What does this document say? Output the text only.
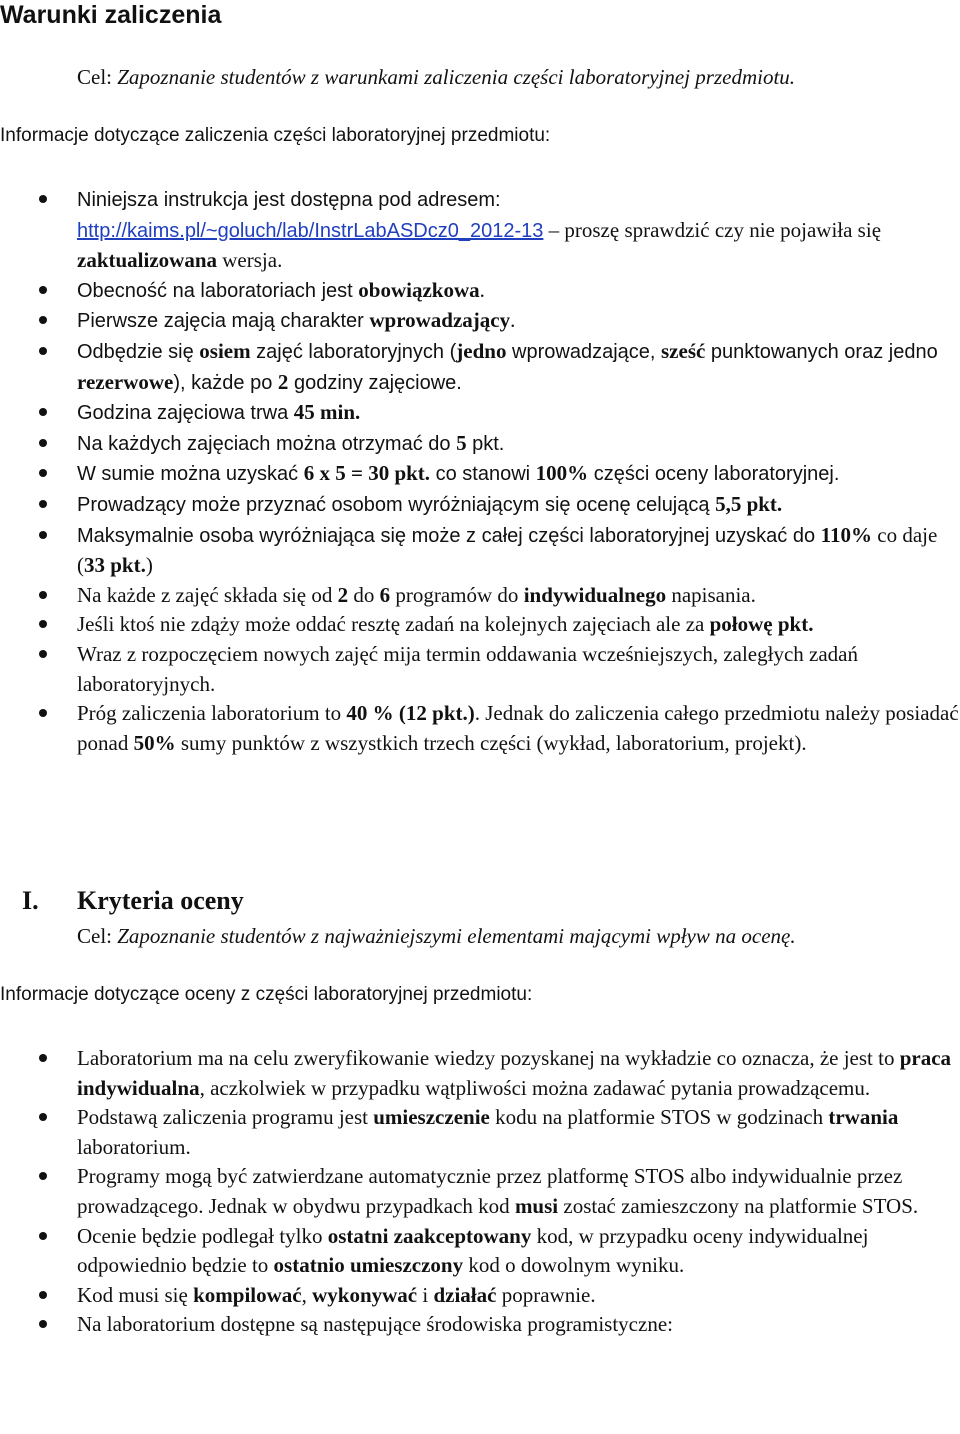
Warunki zaliczenia
Cel: Zapoznanie studentów z warunkami zaliczenia części laboratoryjnej przedmiotu.
Informacje dotyczące zaliczenia części laboratoryjnej przedmiotu:
Niniejsza instrukcja jest dostępna pod adresem:
http://kaims.pl/~goluch/lab/InstrLabASDcz0_2012-13 – proszę sprawdzić czy nie pojawiła się zaktualizowana wersja.
Obecność na laboratoriach jest obowiązkowa.
Pierwsze zajęcia mają charakter wprowadzający.
Odbędzie się osiem zajęć laboratoryjnych (jedno wprowadzające, sześć punktowanych oraz jedno rezerwowe), każde po 2 godziny zajęciowe.
Godzina zajęciowa trwa 45 min.
Na każdych zajęciach można otrzymać do 5 pkt.
W sumie można uzyskać 6 x 5 = 30 pkt. co stanowi 100% części oceny laboratoryjnej.
Prowadzący może przyznać osobom wyróżniającym się ocenę celującą 5,5 pkt.
Maksymalnie osoba wyróżniająca się może z całej części laboratoryjnej uzyskać do 110% co daje (33 pkt.)
Na każde z zajęć składa się od 2 do 6 programów do indywidualnego napisania.
Jeśli ktoś nie zdąży może oddać resztę zadań na kolejnych zajęciach ale za połowę pkt.
Wraz z rozpoczęciem nowych zajęć mija termin oddawania wcześniejszych, zaległych zadań laboratoryjnych.
Próg zaliczenia laboratorium to 40 % (12 pkt.). Jednak do zaliczenia całego przedmiotu należy posiadać ponad 50% sumy punktów z wszystkich trzech części (wykład, laboratorium, projekt).
I. Kryteria oceny
Cel: Zapoznanie studentów z najważniejszymi elementami mającymi wpływ na ocenę.
Informacje dotyczące oceny z części laboratoryjnej przedmiotu:
Laboratorium ma na celu zweryfikowanie wiedzy pozyskanej na wykładzie co oznacza, że jest to praca indywidualna, aczkolwiek w przypadku wątpliwości można zadawać pytania prowadzącemu.
Podstawą zaliczenia programu jest umieszczenie kodu na platformie STOS w godzinach trwania laboratorium.
Programy mogą być zatwierdzane automatycznie przez platformę STOS albo indywidualnie przez prowadzącego. Jednak w obydwu przypadkach kod musi zostać zamieszczony na platformie STOS.
Ocenie będzie podlegał tylko ostatni zaakceptowany kod, w przypadku oceny indywidualnej odpowiednio będzie to ostatnio umieszczony kod o dowolnym wyniku.
Kod musi się kompilować, wykonywać i działać poprawnie.
Na laboratorium dostępne są następujące środowiska programistyczne:
